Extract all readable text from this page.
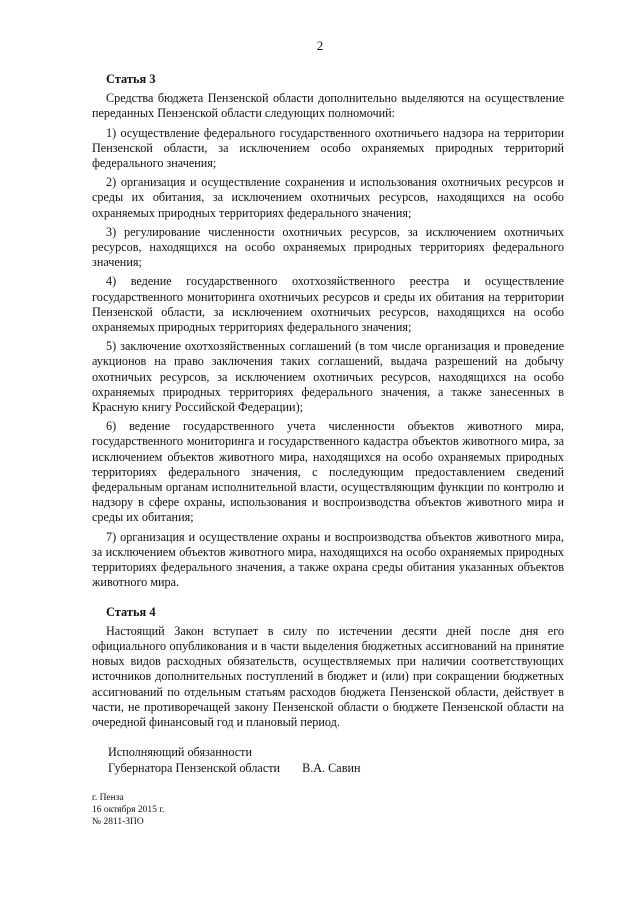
2
Статья 3

Средства бюджета Пензенской области дополнительно выделяются на осуществление переданных Пензенской области следующих полномочий:

1) осуществление федерального государственного охотничьего надзора на территории Пензенской области, за исключением особо охраняемых природных территорий федерального значения;

2) организация и осуществление сохранения и использования охотничьих ресурсов и среды их обитания, за исключением охотничьих ресурсов, находящихся на особо охраняемых природных территориях федерального значения;

3) регулирование численности охотничьих ресурсов, за исключением охотничьих ресурсов, находящихся на особо охраняемых природных территориях федерального значения;

4) ведение государственного охотхозяйственного реестра и осуществление государственного мониторинга охотничьих ресурсов и среды их обитания на территории Пензенской области, за исключением охотничьих ресурсов, находящихся на особо охраняемых природных территориях федерального значения;

5) заключение охотхозяйственных соглашений (в том числе организация и проведение аукционов на право заключения таких соглашений, выдача разрешений на добычу охотничьих ресурсов, за исключением охотничьих ресурсов, находящихся на особо охраняемых природных территориях федерального значения, а также занесенных в Красную книгу Российской Федерации);

6) ведение государственного учета численности объектов животного мира, государственного мониторинга и государственного кадастра объектов животного мира, за исключением объектов животного мира, находящихся на особо охраняемых природных территориях федерального значения, с последующим предоставлением сведений федеральным органам исполнительной власти, осуществляющим функции по контролю и надзору в сфере охраны, использования и воспроизводства объектов животного мира и среды их обитания;

7) организация и осуществление охраны и воспроизводства объектов животного мира, за исключением объектов животного мира, находящихся на особо охраняемых природных территориях федерального значения, а также охрана среды обитания указанных объектов животного мира.

Статья 4

Настоящий Закон вступает в силу по истечении десяти дней после дня его официального опубликования и в части выделения бюджетных ассигнований на принятие новых видов расходных обязательств, осуществляемых при наличии соответствующих источников дополнительных поступлений в бюджет и (или) при сокращении бюджетных ассигнований по отдельным статьям расходов бюджета Пензенской области, действует в части, не противоречащей закону Пензенской области о бюджете Пензенской области на очередной финансовый год и плановый период.

Исполняющий обязанности
Губернатора Пензенской области В.А. Савин
г. Пенза
16 октября 2015 г.
№ 2811-ЗПО
